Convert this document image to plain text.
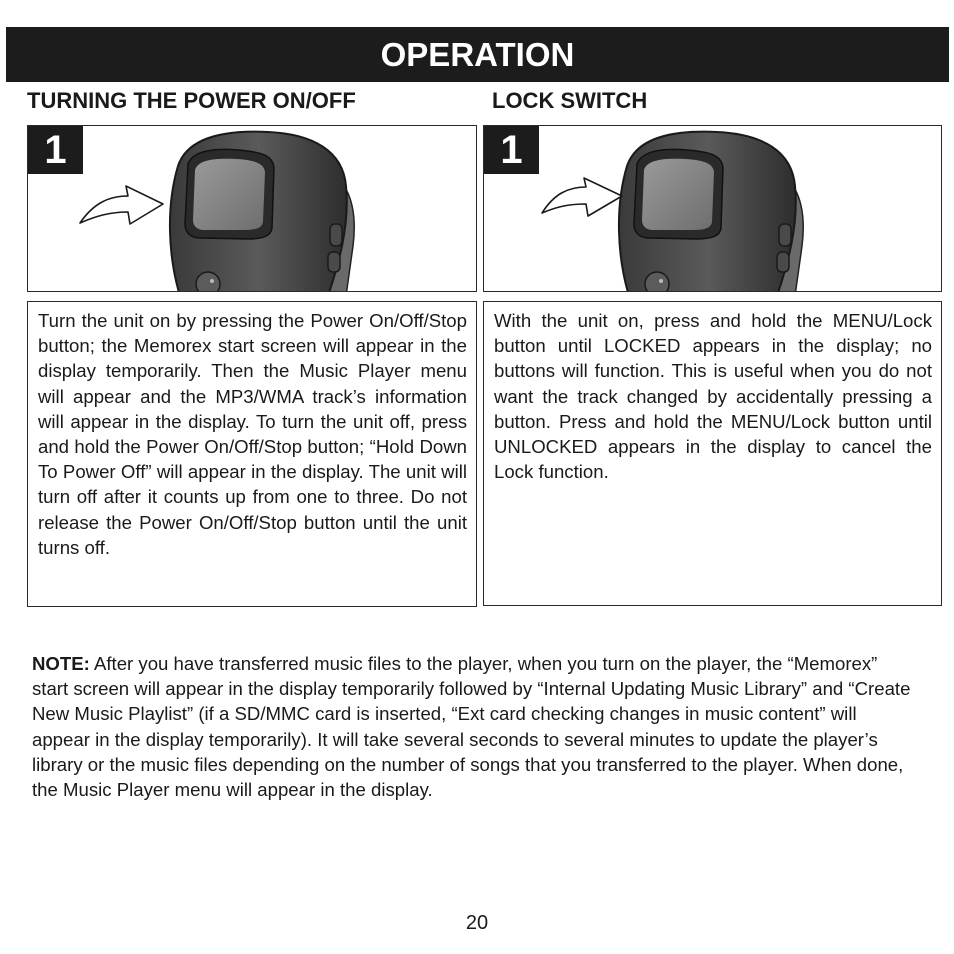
OPERATION
TURNING THE POWER ON/OFF	LOCK SWITCH
1	1

Turn the unit on by pressing the Power On/Off/Stop button; the Memorex start screen will appear in the display temporarily. Then the Music Player menu will appear and the MP3/WMA track’s information will appear in the display. To turn the unit off, press and hold the Power On/Off/Stop button; “Hold Down To Power Off” will appear in the display. The unit will turn off after it counts up from one to three. Do not release the Power On/Off/Stop button until the unit turns off.

With the unit on, press and hold the MENU/Lock button until LOCKED appears in the display; no buttons will function. This is useful when you do not want the track changed by accidentally pressing a button. Press and hold the MENU/Lock button until UNLOCKED appears in the display to cancel the Lock function.

NOTE: After you have transferred music files to the player, when you turn on the player, the “Memorex” start screen will appear in the display temporarily followed by “Internal Updating Music Library” and “Create New Music Playlist” (if a SD/MMC card is inserted, “Ext card checking changes in music content” will appear in the display temporarily). It will take several seconds to several minutes to update the player’s library or the music files depending on the number of songs that you transferred to the player. When done, the Music Player menu will appear in the display.

20
